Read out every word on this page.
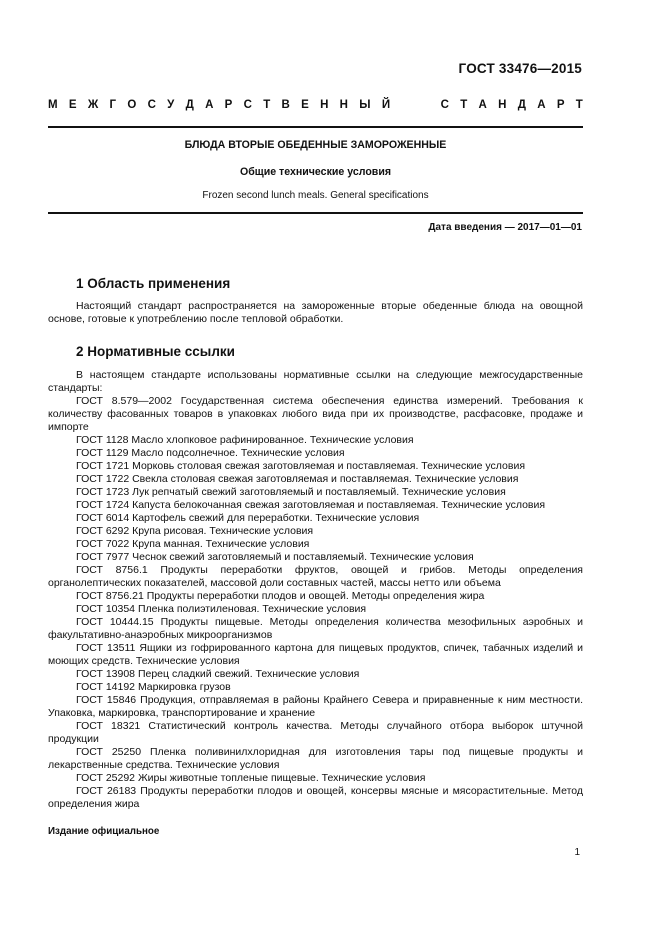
ГОСТ 33476—2015
М Е Ж Г О С У Д А Р С Т В Е Н Н Ы Й	С Т А Н Д А Р Т
БЛЮДА ВТОРЫЕ ОБЕДЕННЫЕ ЗАМОРОЖЕННЫЕ
Общие технические условия
Frozen second lunch meals. General specifications
Дата введения — 2017—01—01
1 Область применения

Настоящий стандарт распространяется на замороженные вторые обеденные блюда на овощной основе, готовые к употреблению после тепловой обработки.

2 Нормативные ссылки

В настоящем стандарте использованы нормативные ссылки на следующие межгосударственные стандарты:

ГОСТ 8.579—2002 Государственная система обеспечения единства измерений. Требования к количеству фасованных товаров в упаковках любого вида при их производстве, расфасовке, продаже и импорте

ГОСТ 1128 Масло хлопковое рафинированное. Технические условия

ГОСТ 1129 Масло подсолнечное. Технические условия

ГОСТ 1721 Морковь столовая свежая заготовляемая и поставляемая. Технические условия

ГОСТ 1722 Свекла столовая свежая заготовляемая и поставляемая. Технические условия

ГОСТ 1723 Лук репчатый свежий заготовляемый и поставляемый. Технические условия

ГОСТ 1724 Капуста белокочанная свежая заготовляемая и поставляемая. Технические условия

ГОСТ 6014 Картофель свежий для переработки. Технические условия

ГОСТ 6292 Крупа рисовая. Технические условия

ГОСТ 7022 Крупа манная. Технические условия

ГОСТ 7977 Чеснок свежий заготовляемый и поставляемый. Технические условия

ГОСТ 8756.1 Продукты переработки фруктов, овощей и грибов. Методы определения органолептических показателей, массовой доли составных частей, массы нетто или объема

ГОСТ 8756.21 Продукты переработки плодов и овощей. Методы определения жира

ГОСТ 10354 Пленка полиэтиленовая. Технические условия

ГОСТ 10444.15 Продукты пищевые. Методы определения количества мезофильных аэробных и факультативно-анаэробных микроорганизмов

ГОСТ 13511 Ящики из гофрированного картона для пищевых продуктов, спичек, табачных изделий и моющих средств. Технические условия

ГОСТ 13908 Перец сладкий свежий. Технические условия

ГОСТ 14192 Маркировка грузов

ГОСТ 15846 Продукция, отправляемая в районы Крайнего Севера и приравненные к ним местности. Упаковка, маркировка, транспортирование и хранение

ГОСТ 18321 Статистический контроль качества. Методы случайного отбора выборок штучной продукции

ГОСТ 25250 Пленка поливинилхлоридная для изготовления тары под пищевые продукты и лекарственные средства. Технические условия

ГОСТ 25292 Жиры животные топленые пищевые. Технические условия

ГОСТ 26183 Продукты переработки плодов и овощей, консервы мясные и мясорастительные. Метод определения жира

Издание официальное
1
